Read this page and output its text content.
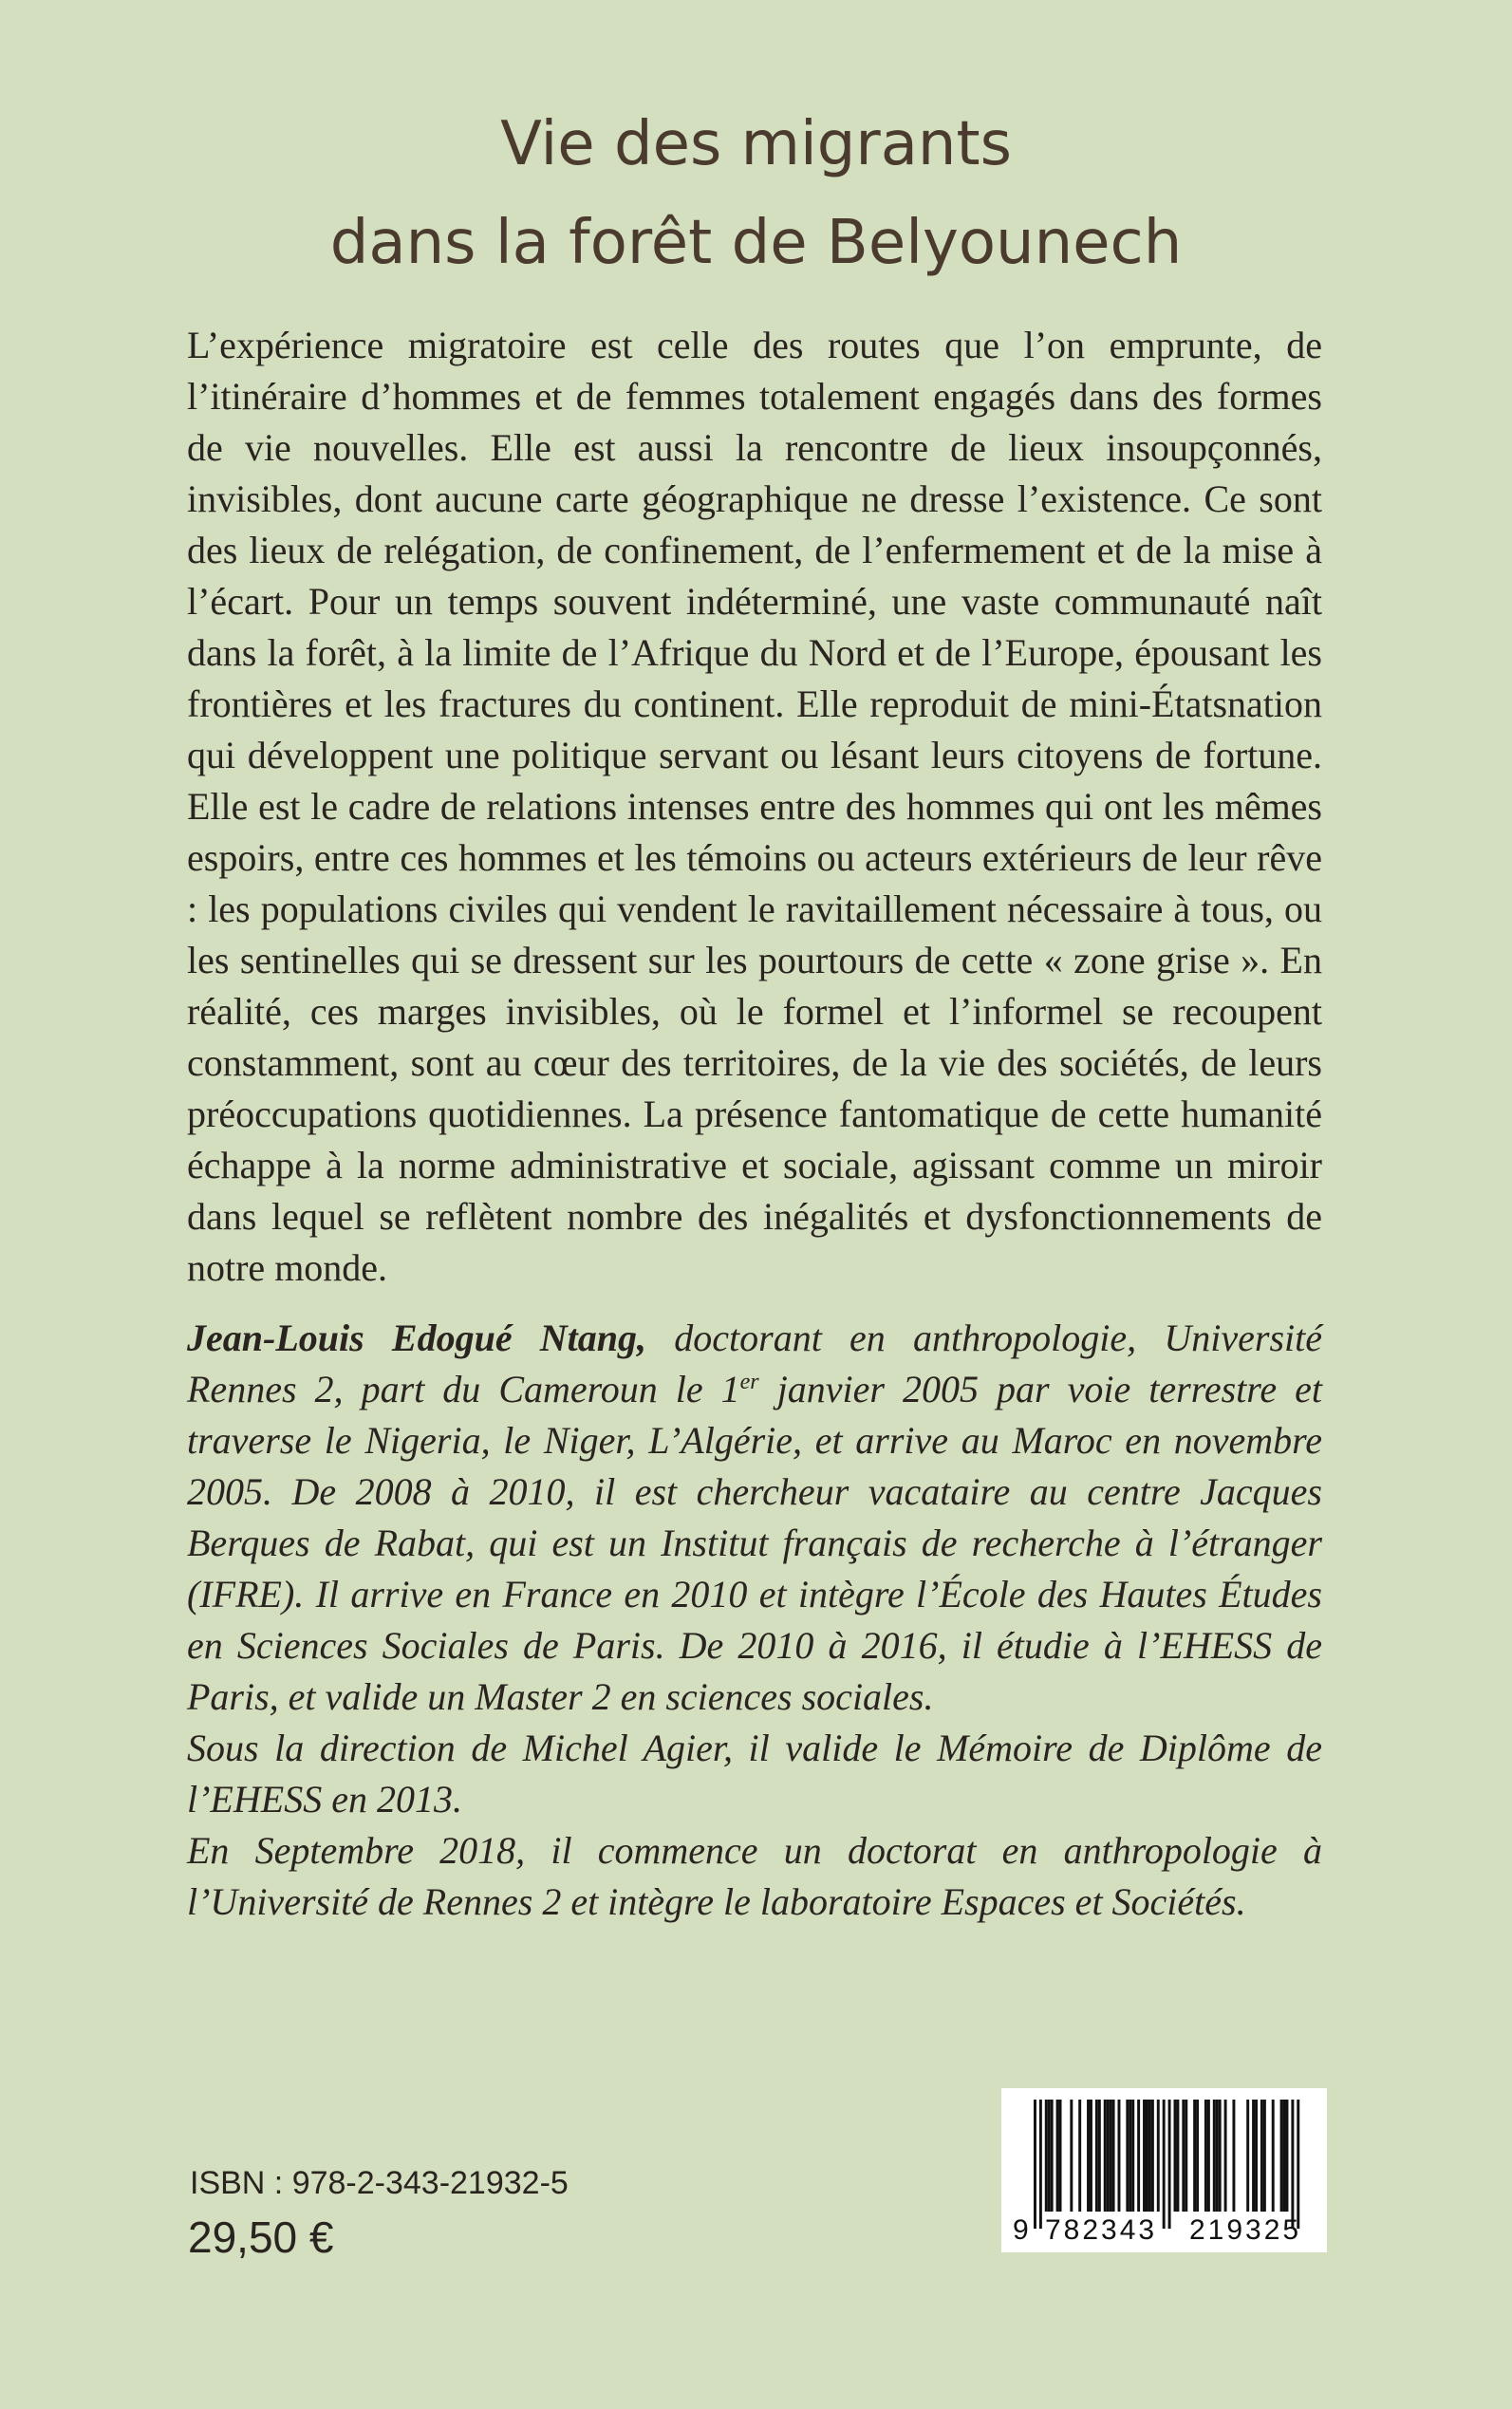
Vie des migrants
dans la forêt de Belyounech

L’expérience migratoire est celle des routes que l’on emprunte, de l’itinéraire d’hommes et de femmes totalement engagés dans des formes de vie nouvelles. Elle est aussi la rencontre de lieux insoupçonnés, invisibles, dont aucune carte géographique ne dresse l’existence. Ce sont des lieux de relégation, de confinement, de l’enfermement et de la mise à l’écart. Pour un temps souvent indéterminé, une vaste communauté naît dans la forêt, à la limite de l’Afrique du Nord et de l’Europe, épousant les frontières et les fractures du continent. Elle reproduit de mini-Étatsnation qui développent une politique servant ou lésant leurs citoyens de fortune. Elle est le cadre de relations intenses entre des hommes qui ont les mêmes espoirs, entre ces hommes et les témoins ou acteurs extérieurs de leur rêve : les populations civiles qui vendent le ravitaillement nécessaire à tous, ou les sentinelles qui se dressent sur les pourtours de cette « zone grise ». En réalité, ces marges invisibles, où le formel et l’informel se recoupent constamment, sont au cœur des territoires, de la vie des sociétés, de leurs préoccupations quotidiennes. La présence fantomatique de cette humanité échappe à la norme administrative et sociale, agissant comme un miroir dans lequel se reflètent nombre des inégalités et dysfonctionnements de notre monde.

Jean-Louis Edogué Ntang, doctorant en anthropologie, Université Rennes 2, part du Cameroun le 1er janvier 2005 par voie terrestre et traverse le Nigeria, le Niger, L’Algérie, et arrive au Maroc en novembre 2005. De 2008 à 2010, il est chercheur vacataire au centre Jacques Berques de Rabat, qui est un Institut français de recherche à l’étranger (IFRE). Il arrive en France en 2010 et intègre l’École des Hautes Études en Sciences Sociales de Paris. De 2010 à 2016, il étudie à l’EHESS de Paris, et valide un Master 2 en sciences sociales.

Sous la direction de Michel Agier, il valide le Mémoire de Diplôme de l’EHESS en 2013.

En Septembre 2018, il commence un doctorat en anthropologie à l’Université de Rennes 2 et intègre le laboratoire Espaces et Sociétés.

ISBN : 978-2-343-21932-5
29,50 €	9 782343 219325
